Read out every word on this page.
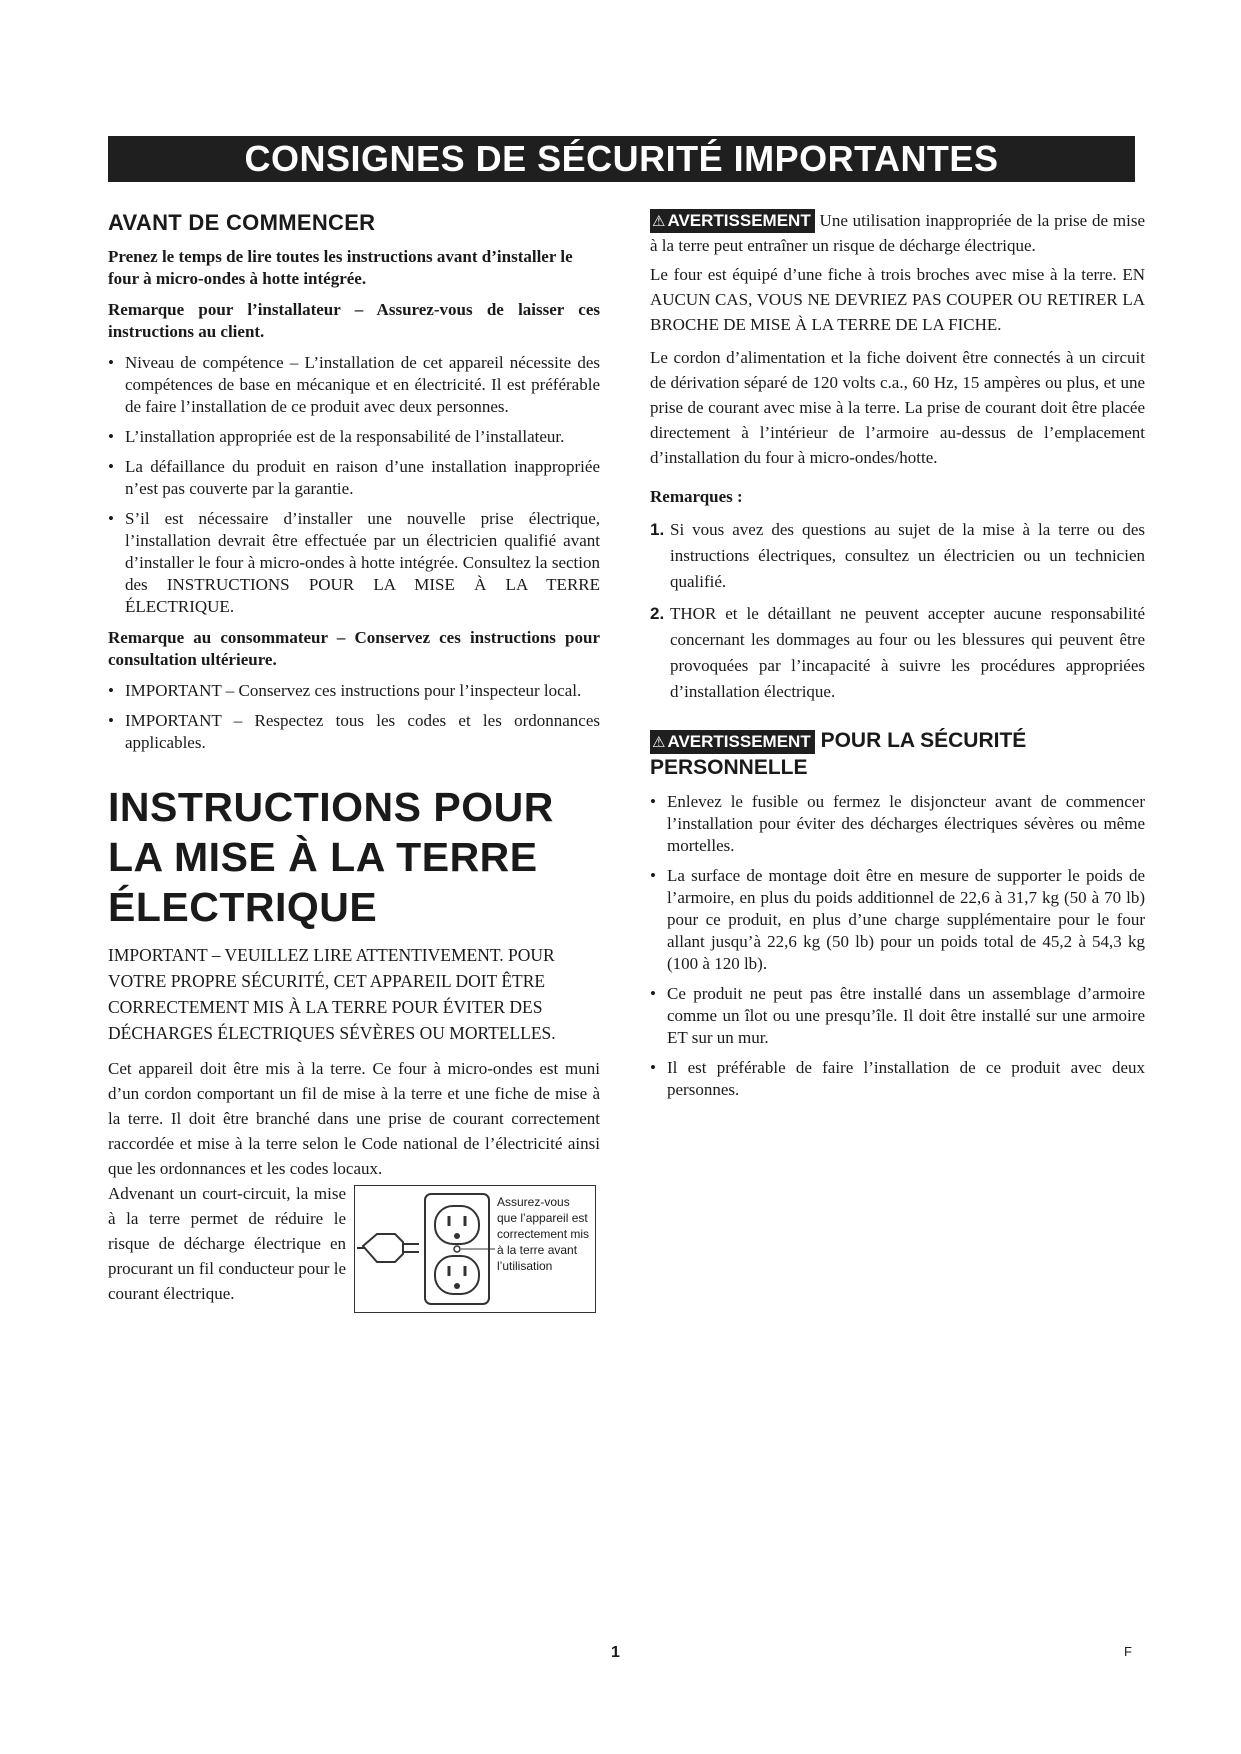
CONSIGNES DE SÉCURITÉ IMPORTANTES
AVANT DE COMMENCER

Prenez le temps de lire toutes les instructions avant d’installer le four à micro-ondes à hotte intégrée.

Remarque pour l’installateur – Assurez-vous de laisser ces instructions au client.

• Niveau de compétence – L’installation de cet appareil nécessite des compétences de base en mécanique et en électricité. Il est préférable de faire l’installation de ce produit avec deux personnes.
• L’installation appropriée est de la responsabilité de l’installateur.
• La défaillance du produit en raison d’une installation inappropriée n’est pas couverte par la garantie.
• S’il est nécessaire d’installer une nouvelle prise électrique, l’installation devrait être effectuée par un électricien qualifié avant d’installer le four à micro-ondes à hotte intégrée. Consultez la section des INSTRUCTIONS POUR LA MISE À LA TERRE ÉLECTRIQUE.

Remarque au consommateur – Conservez ces instructions pour consultation ultérieure.

• IMPORTANT – Conservez ces instructions pour l’inspecteur local.
• IMPORTANT – Respectez tous les codes et les ordonnances applicables.
INSTRUCTIONS POUR
LA MISE À LA TERRE
ÉLECTRIQUE

IMPORTANT – VEUILLEZ LIRE ATTENTIVEMENT. POUR VOTRE PROPRE SÉCURITÉ, CET APPAREIL DOIT ÊTRE CORRECTEMENT MIS À LA TERRE POUR ÉVITER DES DÉCHARGES ÉLECTRIQUES SÉVÈRES OU MORTELLES.

Cet appareil doit être mis à la terre. Ce four à micro-ondes est muni d’un cordon comportant un fil de mise à la terre et une fiche de mise à la terre. Il doit être branché dans une prise de courant correctement raccordée et mise à la terre selon le Code national de l’électricité ainsi que les ordonnances et les codes locaux.

Advenant un court-circuit, la mise à la terre permet de réduire le risque de décharge électrique en procurant un fil conducteur pour le courant électrique.

Assurez-vous que l’appareil est correctement mis à la terre avant l’utilisation

⚠ AVERTISSEMENT Une utilisation inappropriée de la prise de mise à la terre peut entraîner un risque de décharge électrique.

Le four est équipé d’une fiche à trois broches avec mise à la terre. EN AUCUN CAS, VOUS NE DEVRIEZ PAS COUPER OU RETIRER LA BROCHE DE MISE À LA TERRE DE LA FICHE.

Le cordon d’alimentation et la fiche doivent être connectés à un circuit de dérivation séparé de 120 volts c.a., 60 Hz, 15 ampères ou plus, et une prise de courant avec mise à la terre. La prise de courant doit être placée directement à l’intérieur de l’armoire au-dessus de l’emplacement d’installation du four à micro-ondes/hotte.

Remarques :

1. Si vous avez des questions au sujet de la mise à la terre ou des instructions électriques, consultez un électricien ou un technicien qualifié.
2. THOR et le détaillant ne peuvent accepter aucune responsabilité concernant les dommages au four ou les blessures qui peuvent être provoquées par l’incapacité à suivre les procédures appropriées d’installation électrique.
⚠ AVERTISSEMENT POUR LA SÉCURITÉ
PERSONNELLE
• Enlevez le fusible ou fermez le disjoncteur avant de commencer l’installation pour éviter des décharges électriques sévères ou même mortelles.
• La surface de montage doit être en mesure de supporter le poids de l’armoire, en plus du poids additionnel de 22,6 à 31,7 kg (50 à 70 lb) pour ce produit, en plus d’une charge supplémentaire pour le four allant jusqu’à 22,6 kg (50 lb) pour un poids total de 45,2 à 54,3 kg (100 à 120 lb).
• Ce produit ne peut pas être installé dans un assemblage d’armoire comme un îlot ou une presqu’île. Il doit être installé sur une armoire ET sur un mur.
• Il est préférable de faire l’installation de ce produit avec deux personnes.
1	F
